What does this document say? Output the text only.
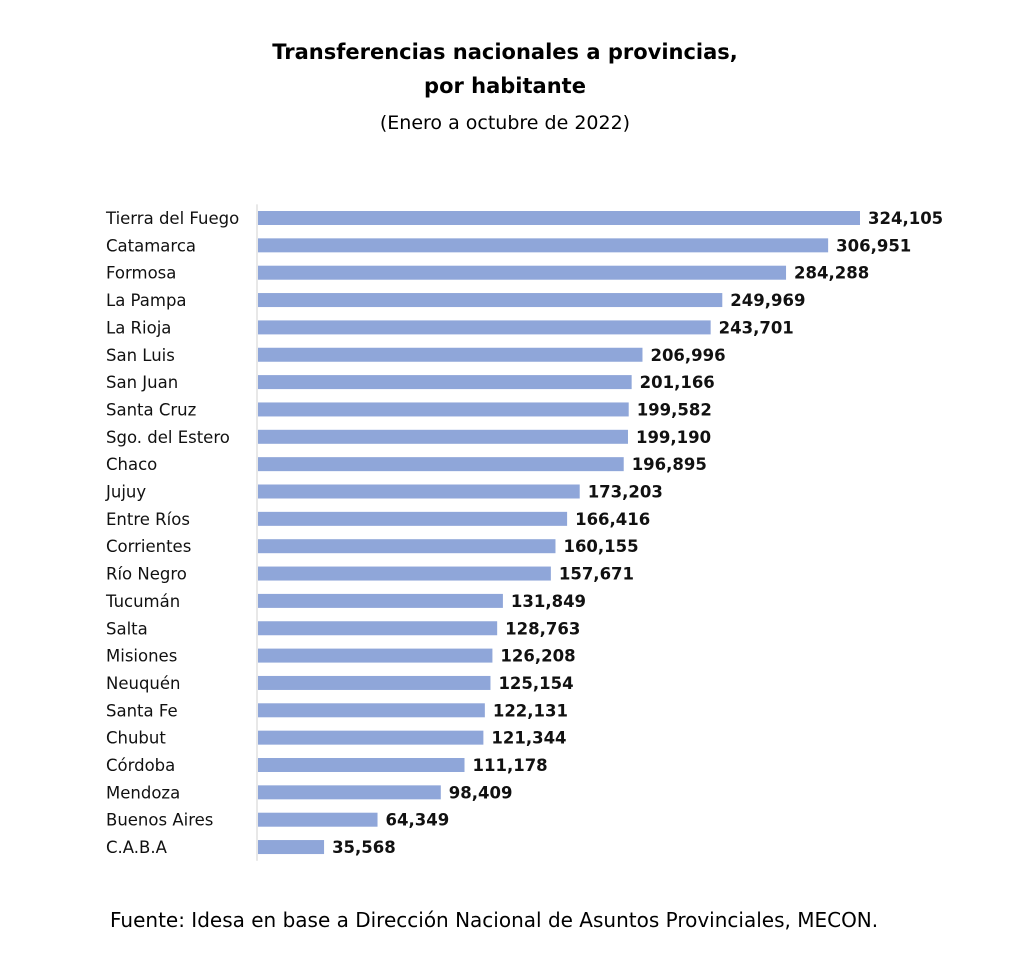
Transferencias nacionales a provincias,
por habitante
(Enero a octubre de 2022)
Tierra del Fuego	324,105
Catamarca	306,951
Formosa	284,288
La Pampa	249,969
La Rioja	243,701
San Luis	206,996
San Juan	201,166
Santa Cruz	199,582
Sgo. del Estero	199,190
Chaco	196,895
Jujuy	173,203
Entre Ríos	166,416
Corrientes	160,155
Río Negro	157,671
Tucumán	131,849
Salta	128,763
Misiones	126,208
Neuquén	125,154
Santa Fe	122,131
Chubut	121,344
Córdoba	111,178
Mendoza	98,409
Buenos Aires	64,349
C.A.B.A	35,568
Fuente: Idesa en base a Dirección Nacional de Asuntos Provinciales, MECON.
